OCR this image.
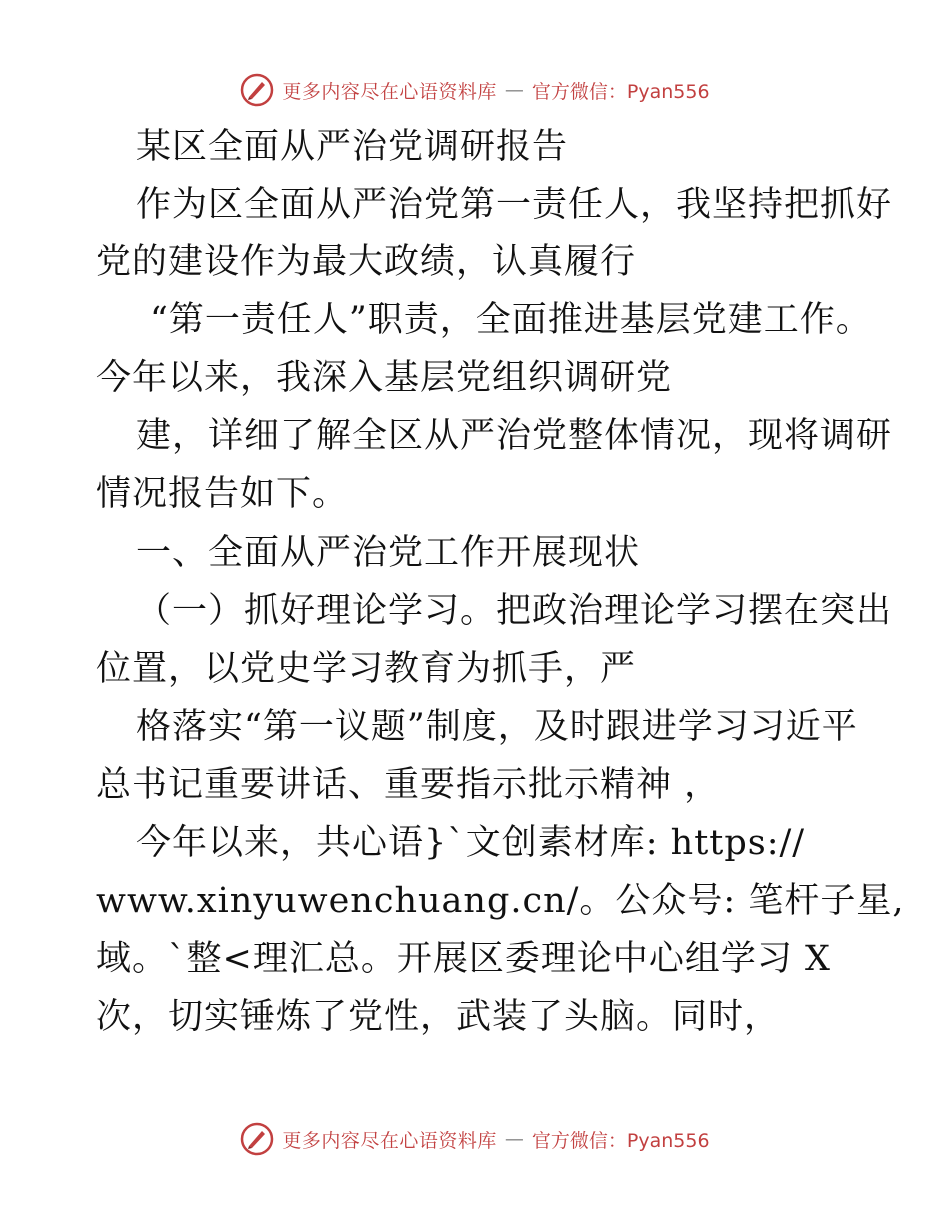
更多内容尽在心语资料库 — 官方微信：Pyan556
某区全面从严治党调研报告
作为区全面从严治党第一责任人，我坚持把抓好
党的建设作为最大政绩，认真履行
“第一责任人”职责，全面推进基层党建工作。
今年以来，我深入基层党组织调研党
建，详细了解全区从严治党整体情况，现将调研
情况报告如下。
一、全面从严治党工作开展现状
（一）抓好理论学习。把政治理论学习摆在突出
位置，以党史学习教育为抓手，严
格落实“第一议题”制度，及时跟进学习习近平
总书记重要讲话、重要指示批示精神 ，
今年以来，共心语}`文创素材库: https://
www.xinyuwenchuang.cn/。公众号: 笔杆子星,
域。`整<理汇总。开展区委理论中心组学习 X
次，切实锤炼了党性，武装了头脑。同时，
更多内容尽在心语资料库 — 官方微信：Pyan556
